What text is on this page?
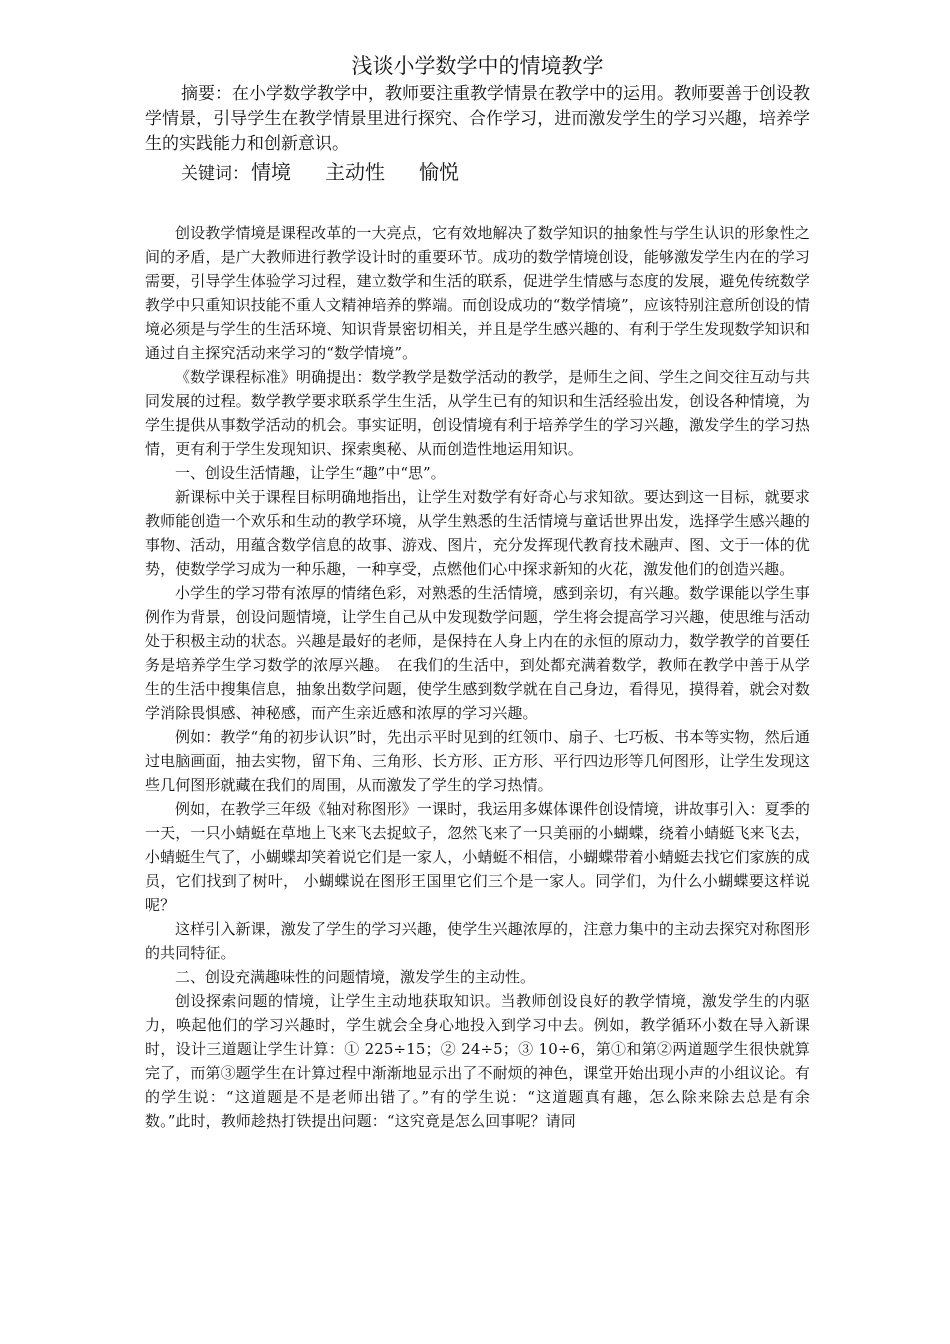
浅谈小学数学中的情境教学

摘要：在小学数学教学中，教师要注重教学情景在教学中的运用。教师要善于创设教学情景，引导学生在教学情景里进行探究、合作学习，进而激发学生的学习兴趣，培养学生的实践能力和创新意识。

关键词： 情境 主动性 愉悦

创设教学情境是课程改革的一大亮点，它有效地解决了数学知识的抽象性与学生认识的形象性之间的矛盾，是广大教师进行教学设计时的重要环节。成功的数学情境创设，能够激发学生内在的学习需要，引导学生体验学习过程，建立数学和生活的联系，促进学生情感与态度的发展，避免传统数学教学中只重知识技能不重人文精神培养的弊端。而创设成功的“数学情境”，应该特别注意所创设的情境必须是与学生的生活环境、知识背景密切相关，并且是学生感兴趣的、有利于学生发现数学知识和通过自主探究活动来学习的“数学情境”。

《数学课程标准》明确提出：数学教学是数学活动的教学，是师生之间、学生之间交往互动与共同发展的过程。数学教学要求联系学生生活，从学生已有的知识和生活经验出发，创设各种情境，为学生提供从事数学活动的机会。事实证明，创设情境有利于培养学生的学习兴趣，激发学生的学习热情，更有利于学生发现知识、探索奥秘、从而创造性地运用知识。

一、创设生活情趣，让学生“趣”中“思”。

新课标中关于课程目标明确地指出，让学生对数学有好奇心与求知欲。要达到这一目标，就要求教师能创造一个欢乐和生动的教学环境，从学生熟悉的生活情境与童话世界出发，选择学生感兴趣的事物、活动，用蕴含数学信息的故事、游戏、图片，充分发挥现代教育技术融声、图、文于一体的优势，使数学学习成为一种乐趣，一种享受，点燃他们心中探求新知的火花，激发他们的创造兴趣。

小学生的学习带有浓厚的情绪色彩，对熟悉的生活情境，感到亲切，有兴趣。数学课能以学生事例作为背景，创设问题情境，让学生自己从中发现数学问题，学生将会提高学习兴趣，使思维与活动处于积极主动的状态。兴趣是最好的老师，是保持在人身上内在的永恒的原动力，数学教学的首要任务是培养学生学习数学的浓厚兴趣。　在我们的生活中，到处都充满着数学，教师在教学中善于从学生的生活中搜集信息，抽象出数学问题，使学生感到数学就在自己身边，看得见，摸得着，就会对数学消除畏惧感、神秘感，而产生亲近感和浓厚的学习兴趣。

例如：教学“角的初步认识”时，先出示平时见到的红领巾、扇子、七巧板、书本等实物，然后通过电脑画面，抽去实物，留下角、三角形、长方形、正方形、平行四边形等几何图形，让学生发现这些几何图形就藏在我们的周围，从而激发了学生的学习热情。

例如，在教学三年级《轴对称图形》一课时，我运用多媒体课件创设情境，讲故事引入：夏季的一天，一只小蜻蜓在草地上飞来飞去捉蚊子，忽然飞来了一只美丽的小蝴蝶，绕着小蜻蜓飞来飞去，小蜻蜓生气了，小蝴蝶却笑着说它们是一家人，小蜻蜓不相信，小蝴蝶带着小蜻蜓去找它们家族的成员，它们找到了树叶， 小蝴蝶说在图形王国里它们三个是一家人。同学们，为什么小蝴蝶要这样说呢？

这样引入新课，激发了学生的学习兴趣，使学生兴趣浓厚的，注意力集中的主动去探究对称图形的共同特征。

二、创设充满趣味性的问题情境，激发学生的主动性。

创设探索问题的情境，让学生主动地获取知识。当教师创设良好的教学情境，激发学生的内驱力，唤起他们的学习兴趣时，学生就会全身心地投入到学习中去。例如，教学循环小数在导入新课时，设计三道题让学生计算：① 225÷15；② 24÷5；③ 10÷6，第①和第②两道题学生很快就算完了，而第③题学生在计算过程中渐渐地显示出了不耐烦的神色，课堂开始出现小声的小组议论。有的学生说：“这道题是不是老师出错了。”有的学生说：“这道题真有趣，怎么除来除去总是有余数。”此时，教师趁热打铁提出问题：“这究竟是怎么回事呢？请同
